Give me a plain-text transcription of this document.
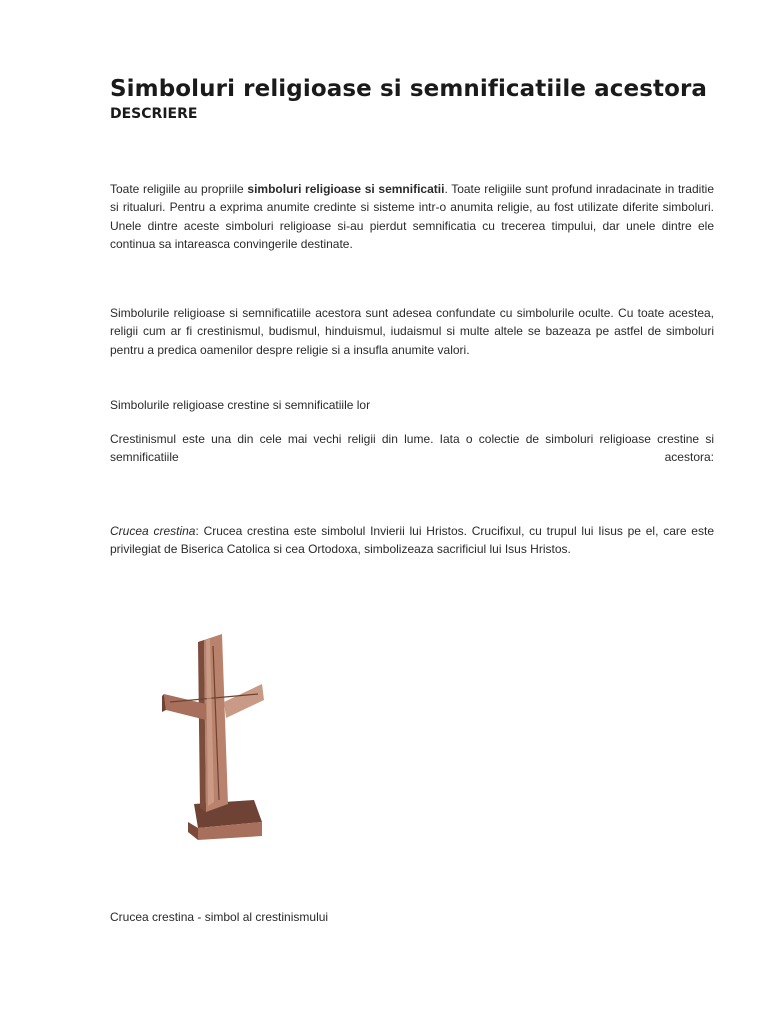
Simboluri religioase si semnificatiile acestora
DESCRIERE

Toate religiile au propriile simboluri religioase si semnificatii. Toate religiile sunt profund inradacinate in traditie si ritualuri. Pentru a exprima anumite credinte si sisteme intr-o anumita religie, au fost utilizate diferite simboluri. Unele dintre aceste simboluri religioase si-au pierdut semnificatia cu trecerea timpului, dar unele dintre ele continua sa intareasca convingerile destinate.

Simbolurile religioase si semnificatiile acestora sunt adesea confundate cu simbolurile oculte. Cu toate acestea, religii cum ar fi crestinismul, budismul, hinduismul, iudaismul si multe altele se bazeaza pe astfel de simboluri pentru a predica oamenilor despre religie si a insufla anumite valori.

Simbolurile religioase crestine si semnificatiile lor

Crestinismul este una din cele mai vechi religii din lume. Iata o colectie de simboluri religioase crestine si semnificatiile acestora:

Crucea crestina: Crucea crestina este simbolul Invierii lui Hristos. Crucifixul, cu trupul lui Iisus pe el, care este privilegiat de Biserica Catolica si cea Ortodoxa, simbolizeaza sacrificiul lui Isus Hristos.

Crucea crestina - simbol al crestinismului
